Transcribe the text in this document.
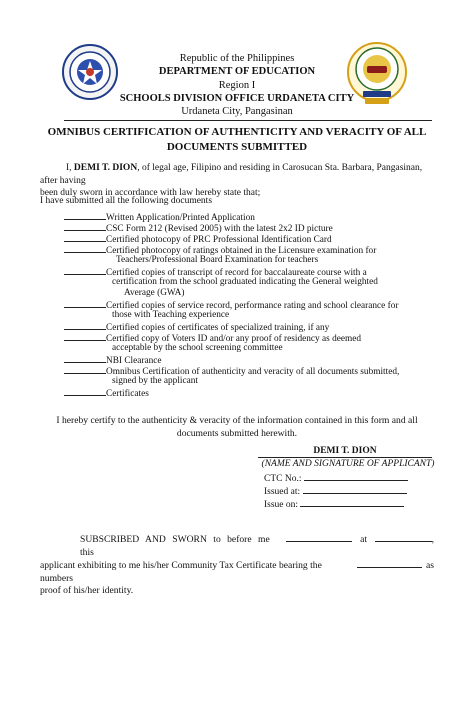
Republic of the Philippines
DEPARTMENT OF EDUCATION
Region I
SCHOOLS DIVISION OFFICE URDANETA CITY
Urdaneta City, Pangasinan
OMNIBUS CERTIFICATION OF AUTHENTICITY AND VERACITY OF ALL
DOCUMENTS SUBMITTED
I, DEMI T. DION, of legal age, Filipino and residing in Carosucan Sta. Barbara, Pangasinan, after having
been duly sworn in accordance with law hereby state that;
I have submitted all the following documents
Written Application/Printed Application
CSC Form 212 (Revised 2005) with the latest 2x2 ID picture
Certified photocopy of PRC Professional Identification Card
Certified photocopy of ratings obtained in the Licensure examination for
Teachers/Professional Board Examination for teachers
Certified copies of transcript of record for baccalaureate course with a
certification from the school graduated indicating the General weighted
Average (GWA)
Certified copies of service record, performance rating and school clearance for
those with Teaching experience
Certified copies of certificates of specialized training, if any
Certified copy of Voters ID and/or any proof of residency as deemed
acceptable by the school screening committee
NBI Clearance
Omnibus Certification of authenticity and veracity of all documents submitted,
signed by the applicant
Certificates
I hereby certify to the authenticity & veracity of the information contained in this form and all
documents submitted herewith.
DEMI T. DION
(NAME AND SIGNATURE OF APPLICANT)
CTC No.:
Issued at:
Issue on:
SUBSCRIBED AND SWORN to before me this
at	,
applicant exhibiting to me his/her Community Tax Certificate bearing the numbers
as
proof of his/her identity.
